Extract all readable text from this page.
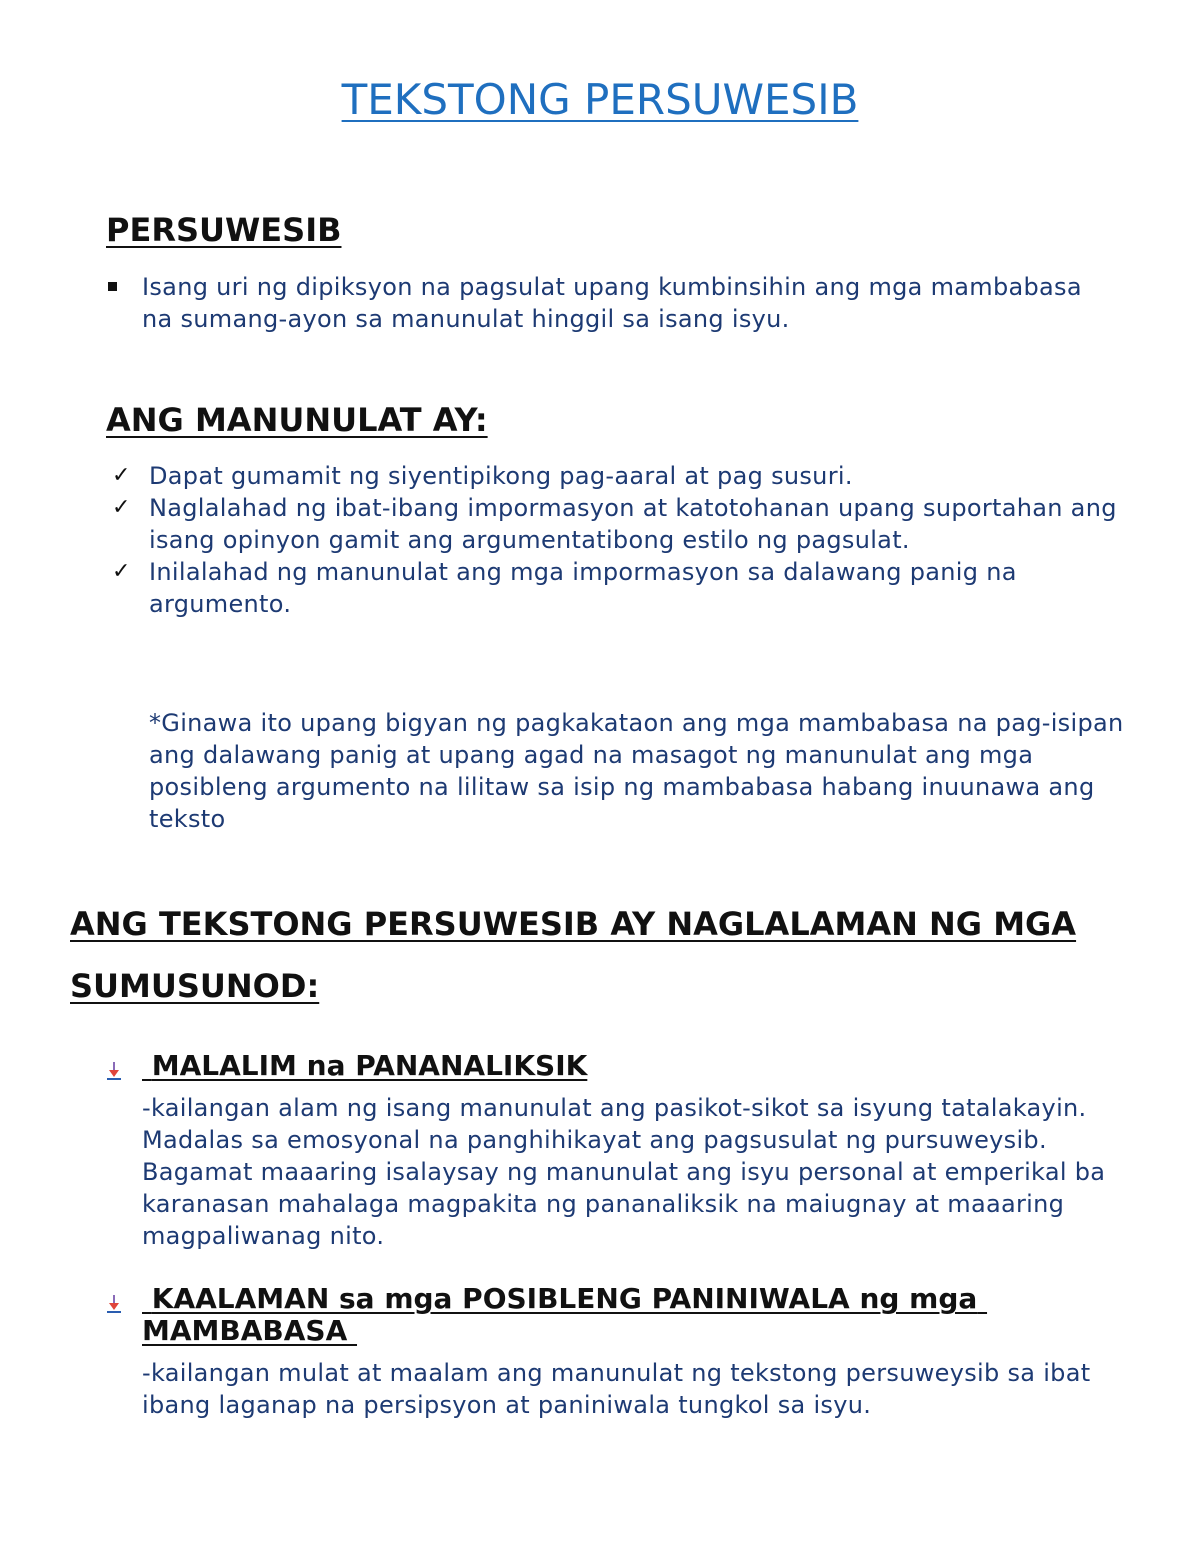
TEKSTONG PERSUWESIB
PERSUWESIB
Isang uri ng dipiksyon na pagsulat upang kumbinsihin ang mga mambabasa na sumang-ayon sa manunulat hinggil sa isang isyu.
ANG MANUNULAT AY:
✓ Dapat gumamit ng siyentipikong pag-aaral at pag susuri.
✓ Naglalahad ng ibat-ibang impormasyon at katotohanan upang suportahan ang isang opinyon gamit ang argumentatibong estilo ng pagsulat.
✓ Inilalahad ng manunulat ang mga impormasyon sa dalawang panig na argumento.

*Ginawa ito upang bigyan ng pagkakataon ang mga mambabasa na pag-isipan ang dalawang panig at upang agad na masagot ng manunulat ang mga posibleng argumento na lilitaw sa isip ng mambabasa habang inuunawa ang teksto

ANG TEKSTONG PERSUWESIB AY NAGLALAMAN NG MGA SUMUSUNOD:
MALALIM na PANANALIKSIK

-kailangan alam ng isang manunulat ang pasikot-sikot sa isyung tatalakayin. Madalas sa emosyonal na panghihikayat ang pagsusulat ng pursuweysib. Bagamat maaaring isalaysay ng manunulat ang isyu personal at emperikal ba karanasan mahalaga magpakita ng pananaliksik na maiugnay at maaaring magpaliwanag nito.

KAALAMAN sa mga POSIBLENG PANINIWALA ng mga MAMBABASA

-kailangan mulat at maalam ang manunulat ng tekstong persuweysib sa ibat ibang laganap na persipsyon at paniniwala tungkol sa isyu.
